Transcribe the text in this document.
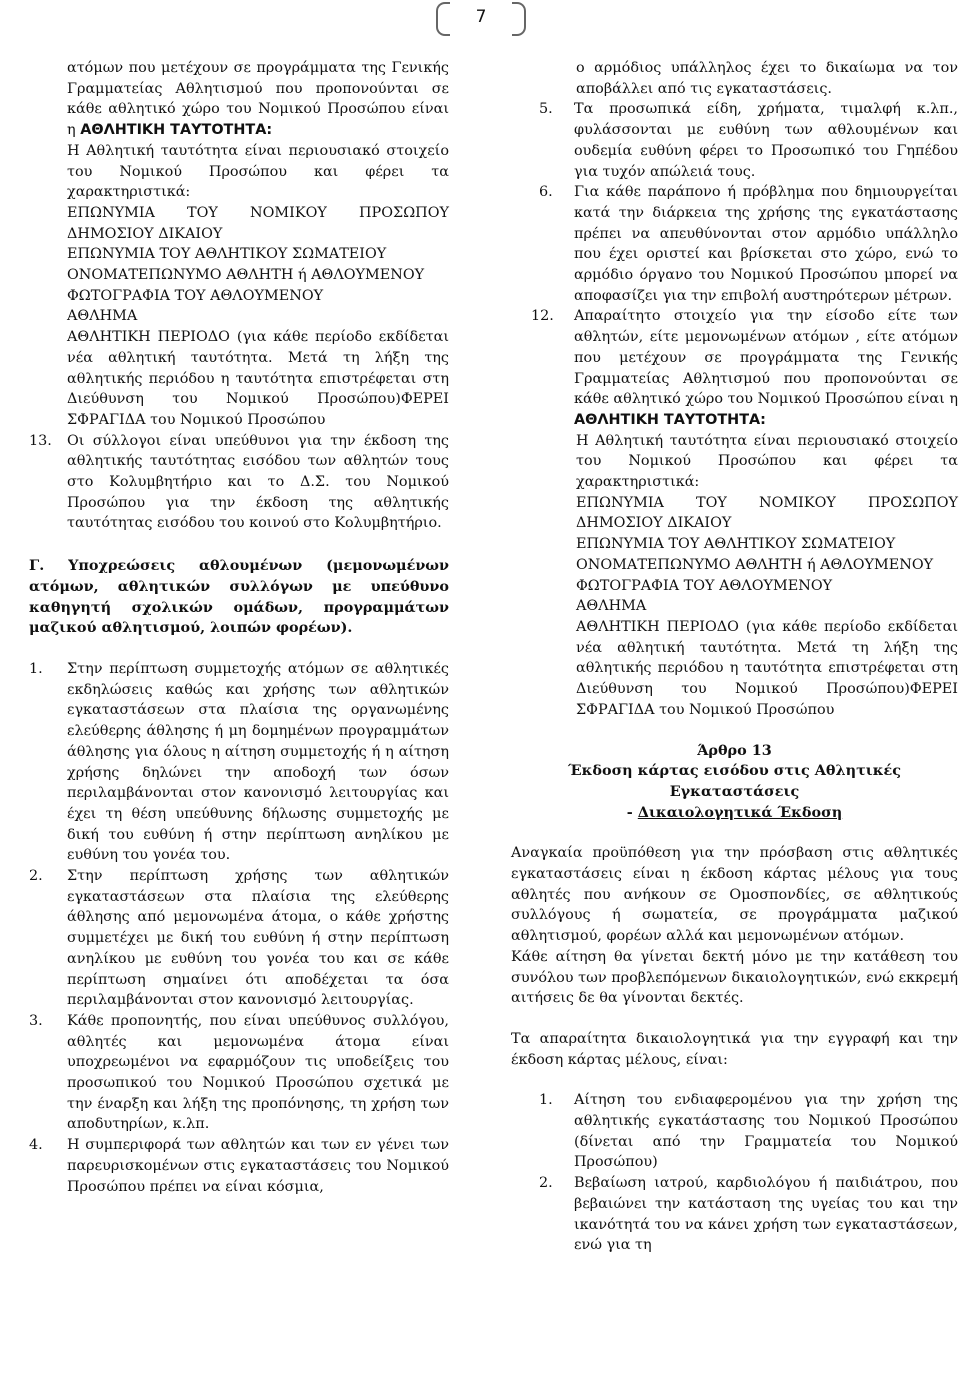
7
ατόμων που μετέχουν σε προγράμματα της Γενικής Γραμματείας Αθλητισμού που προπονούνται σε κάθε αθλητικό χώρο του Νομικού Προσώπου είναι η ΑΘΛΗΤΙΚΗ ΤΑΥΤΟΤΗΤΑ:
Η Αθλητική ταυτότητα είναι περιουσιακό στοιχείο του Νομικού Προσώπου και φέρει τα χαρακτηριστικά:
ΕΠΩΝΥΜΙΑ ΤΟΥ ΝΟΜΙΚΟΥ ΠΡΟΣΩΠΟΥ ΔΗΜΟΣΙΟΥ ΔΙΚΑΙΟΥ
ΕΠΩΝΥΜΙΑ ΤΟΥ ΑΘΛΗΤΙΚΟΥ ΣΩΜΑΤΕΙΟΥ
ΟΝΟΜΑΤΕΠΩΝΥΜΟ ΑΘΛΗΤΗ ή ΑΘΛΟΥΜΕΝΟΥ
ΦΩΤΟΓΡΑΦΙΑ ΤΟΥ ΑΘΛΟΥΜΕΝΟΥ
ΑΘΛΗΜΑ
ΑΘΛΗΤΙΚΗ ΠΕΡΙΟΔΟ (για κάθε περίοδο εκδίδεται νέα αθλητική ταυτότητα. Μετά τη λήξη της αθλητικής περιόδου η ταυτότητα επιστρέφεται στη Διεύθυνση του Νομικού Προσώπου)ΦΕΡΕΙ ΣΦΡΑΓΙΔΑ του Νομικού Προσώπου
13. Οι σύλλογοι είναι υπεύθυνοι για την έκδοση της αθλητικής ταυτότητας εισόδου των αθλητών τους στο Κολυμβητήριο και το Δ.Σ. του Νομικού Προσώπου για την έκδοση της αθλητικής ταυτότητας εισόδου του κοινού στο Κολυμβητήριο.
Γ. Υποχρεώσεις αθλουμένων (μεμονωμένων ατόμων, αθλητικών συλλόγων με υπεύθυνο καθηγητή σχολικών ομάδων, προγραμμάτων μαζικού αθλητισμού, λοιπών φορέων).
1. Στην περίπτωση συμμετοχής ατόμων σε αθλητικές εκδηλώσεις καθώς και χρήσης των αθλητικών εγκαταστάσεων στα πλαίσια της οργανωμένης ελεύθερης άθλησης ή μη δομημένων προγραμμάτων άθλησης για όλους η αίτηση συμμετοχής ή η αίτηση χρήσης δηλώνει την αποδοχή των όσων περιλαμβάνονται στον κανονισμό λειτουργίας και έχει τη θέση υπεύθυνης δήλωσης συμμετοχής με δική του ευθύνη ή στην περίπτωση ανηλίκου με ευθύνη του γονέα του.
2. Στην περίπτωση χρήσης των αθλητικών εγκαταστάσεων στα πλαίσια της ελεύθερης άθλησης από μεμονωμένα άτομα, ο κάθε χρήστης συμμετέχει με δική του ευθύνη ή στην περίπτωση ανηλίκου με ευθύνη του γονέα του και σε κάθε περίπτωση σημαίνει ότι αποδέχεται τα όσα περιλαμβάνονται στον κανονισμό λειτουργίας.
3. Κάθε προπονητής, που είναι υπεύθυνος συλλόγου, αθλητές και μεμονωμένα άτομα είναι υποχρεωμένοι να εφαρμόζουν τις υποδείξεις του προσωπικού του Νομικού Προσώπου σχετικά με την έναρξη και λήξη της προπόνησης, τη χρήση των αποδυτηρίων, κ.λπ.
4. Η συμπεριφορά των αθλητών και των εν γένει των παρευρισκομένων στις εγκαταστάσεις του Νομικού Προσώπου πρέπει να είναι κόσμια,
ο αρμόδιος υπάλληλος έχει το δικαίωμα να τον αποβάλλει από τις εγκαταστάσεις.
5. Τα προσωπικά είδη, χρήματα, τιμαλφή κ.λπ., φυλάσσονται με ευθύνη των αθλουμένων και ουδεμία ευθύνη φέρει το Προσωπικό του Γηπέδου για τυχόν απώλειά τους.
6. Για κάθε παράπονο ή πρόβλημα που δημιουργείται κατά την διάρκεια της χρήσης της εγκατάστασης πρέπει να απευθύνονται στον αρμόδιο υπάλληλο που έχει οριστεί και βρίσκεται στο χώρο, ενώ το αρμόδιο όργανο του Νομικού Προσώπου μπορεί να αποφασίζει για την επιβολή αυστηρότερων μέτρων.
12. Απαραίτητο στοιχείο για την είσοδο είτε των αθλητών, είτε μεμονωμένων ατόμων , είτε ατόμων που μετέχουν σε προγράμματα της Γενικής Γραμματείας Αθλητισμού που προπονούνται σε κάθε αθλητικό χώρο του Νομικού Προσώπου είναι η ΑΘΛΗΤΙΚΗ ΤΑΥΤΟΤΗΤΑ:
Η Αθλητική ταυτότητα είναι περιουσιακό στοιχείο του Νομικού Προσώπου και φέρει τα χαρακτηριστικά:
ΕΠΩΝΥΜΙΑ ΤΟΥ ΝΟΜΙΚΟΥ ΠΡΟΣΩΠΟΥ ΔΗΜΟΣΙΟΥ ΔΙΚΑΙΟΥ
ΕΠΩΝΥΜΙΑ ΤΟΥ ΑΘΛΗΤΙΚΟΥ ΣΩΜΑΤΕΙΟΥ
ΟΝΟΜΑΤΕΠΩΝΥΜΟ ΑΘΛΗΤΗ ή ΑΘΛΟΥΜΕΝΟΥ
ΦΩΤΟΓΡΑΦΙΑ ΤΟΥ ΑΘΛΟΥΜΕΝΟΥ
ΑΘΛΗΜΑ
ΑΘΛΗΤΙΚΗ ΠΕΡΙΟΔΟ (για κάθε περίοδο εκδίδεται νέα αθλητική ταυτότητα. Μετά τη λήξη της αθλητικής περιόδου η ταυτότητα επιστρέφεται στη Διεύθυνση του Νομικού Προσώπου)ΦΕΡΕΙ ΣΦΡΑΓΙΔΑ του Νομικού Προσώπου
Άρθρο 13
Έκδοση κάρτας εισόδου στις Αθλητικές Εγκαταστάσεις
- Δικαιολογητικά Έκδοση
Αναγκαία προϋπόθεση για την πρόσβαση στις αθλητικές εγκαταστάσεις είναι η έκδοση κάρτας μέλους για τους αθλητές που ανήκουν σε Ομοσπονδίες, σε αθλητικούς συλλόγους ή σωματεία, σε προγράμματα μαζικού αθλητισμού, φορέων αλλά και μεμονωμένων ατόμων.
Κάθε αίτηση θα γίνεται δεκτή μόνο με την κατάθεση του συνόλου των προβλεπόμενων δικαιολογητικών, ενώ εκκρεμή αιτήσεις δε θα γίνονται δεκτές.
Τα απαραίτητα δικαιολογητικά για την εγγραφή και την έκδοση κάρτας μέλους, είναι:
1. Αίτηση του ενδιαφερομένου για την χρήση της αθλητικής εγκατάστασης του Νομικού Προσώπου (δίνεται από την Γραμματεία του Νομικού Προσώπου)
2. Βεβαίωση ιατρού, καρδιολόγου ή παιδιάτρου, που βεβαιώνει την κατάσταση της υγείας του και την ικανότητά του να κάνει χρήση των εγκαταστάσεων, ενώ για τη
